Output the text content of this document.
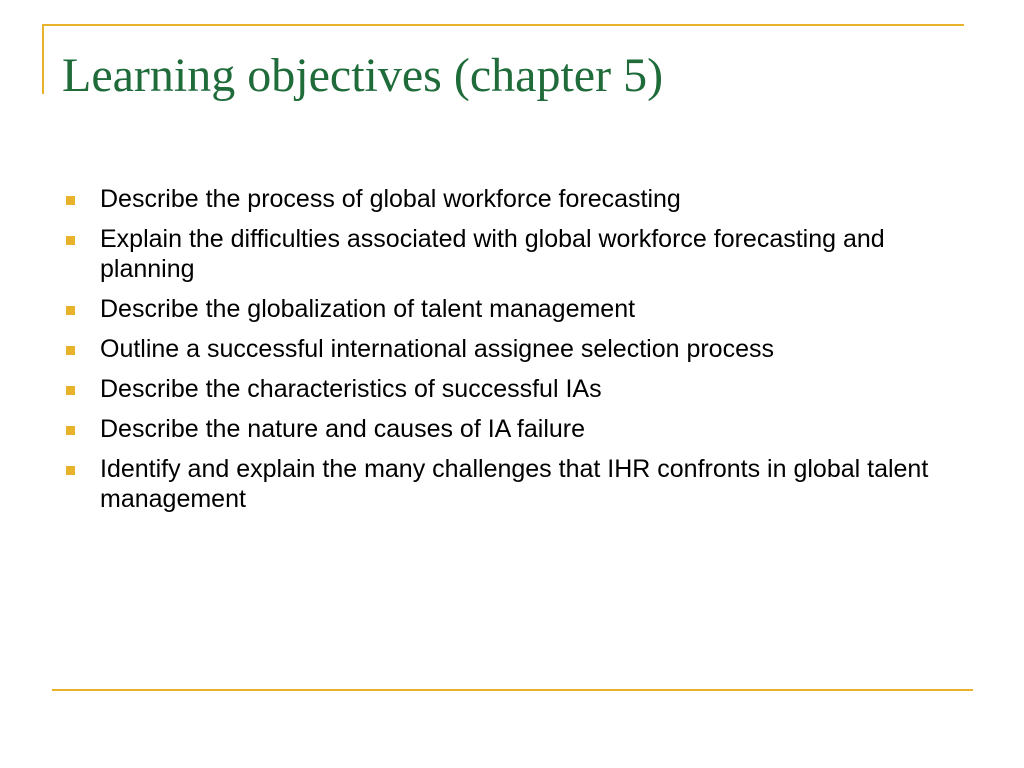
Learning objectives (chapter 5)
Describe the process of global workforce forecasting
Explain the difficulties associated with global workforce forecasting and planning
Describe the globalization of talent management
Outline a successful international assignee selection process
Describe the characteristics of successful IAs
Describe the nature and causes of IA failure
Identify and explain the many challenges that IHR confronts in global talent management
